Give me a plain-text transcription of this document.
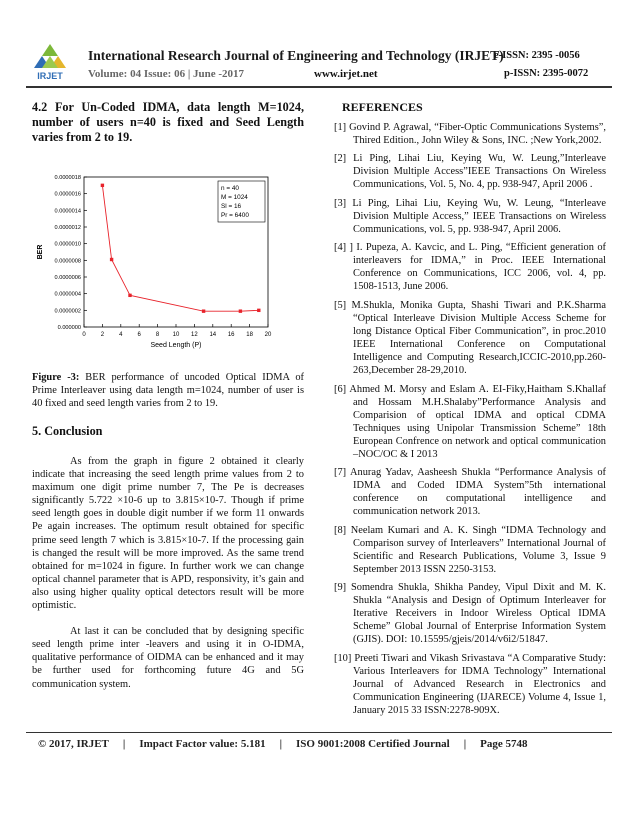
IRJET
International Research Journal of Engineering and Technology (IRJET)
e-ISSN: 2395 -0056
Volume: 04 Issue: 06 | June -2017	www.irjet.net	p-ISSN: 2395-0072
4.2 For Un-Coded IDMA, data length M=1024, number of users n=40 is fixed and Seed Length varies from 2 to 19.
0	2	4	6	8 10 12 14 16 18 20
0.000000
0.0000002
0.0000004
0.0000006
0.0000008
0.0000010
0.0000012
0.0000014
0.0000016
0.0000018
Seed Length (P)
BER
n = 40
M = 1024
Sl = 16
Pr = 6400
Figure -3: BER performance of uncoded Optical IDMA of Prime Interleaver using data length m=1024, number of user is 40 fixed and seed length varies from 2 to 19.
5. Conclusion
As from the graph in figure 2 obtained it clearly indicate that increasing the seed length prime values from 2 to maximum one digit prime number 7, The Pe is decreases significantly 5.722 ×10-6 up to 3.815×10-7. Though if prime seed length goes in double digit number if we form 11 onwards Pe again increases. The optimum result obtained for specific prime seed length 7 which is 3.815×10-7. If the processing gain is changed the result will be more improved. As the same trend obtained for m=1024 in figure. In further work we can change optical channel parameter that is APD, responsivity, it’s gain and also using higher quality optical detectors result will be more optimistic.
At last it can be concluded that by designing specific seed length prime inter -leavers and using it in O-IDMA, qualitative performance of OIDMA can be enhanced and it may be further used for forthcoming future 4G and 5G communication system.
REFERENCES
[1] Govind P. Agrawal, “Fiber-Optic Communications Systems”, Thired Edition., John Wiley & Sons, INC. ;New York,2002.
[2] Li Ping, Lihai Liu, Keying Wu, W. Leung,”Interleave Division Multiple Access”IEEE Transactions On Wireless Communications, Vol. 5, No. 4, pp. 938-947, April 2006 .
[3] Li Ping, Lihai Liu, Keying Wu, W. Leung, “Interleave Division Multiple Access,” IEEE Transactions on Wireless Communications, vol. 5, pp. 938-947, April 2006.
[4] ] I. Pupeza, A. Kavcic, and L. Ping, “Efficient generation of interleavers for IDMA,” in Proc. IEEE International Conference on Communications, ICC 2006, vol. 4, pp. 1508-1513, June 2006.
[5] M.Shukla, Monika Gupta, Shashi Tiwari and P.K.Sharma “Optical Interleave Division Multiple Access Scheme for long Distance Optical Fiber Communication”, in proc.2010 IEEE International Conference on Computational Intelligence and Computing Research,ICCIC-2010,pp.260-263,December 28-29,2010.
[6] Ahmed M. Morsy and Eslam A. EI-Fiky,Haitham S.Khallaf and Hossam M.H.Shalaby”Performance Analysis and Comparision of optical IDMA and optical CDMA Techniques using Unipolar Transmission Scheme” 18th European Confrence on network and optical communication –NOC/OC & I 2013
[7] Anurag Yadav, Aasheesh Shukla “Performance Analysis of IDMA and Coded IDMA System”5th international conference on computational intelligence and communication network 2013.
[8] Neelam Kumari and A. K. Singh “IDMA Technology and Comparison survey of Interleavers” International Journal of Scientific and Research Publications, Volume 3, Issue 9 September 2013 ISSN 2250-3153.
[9] Somendra Shukla, Shikha Pandey, Vipul Dixit and M. K. Shukla “Analysis and Design of Optimum Interleaver for Iterative Receivers in Indoor Wireless Optical IDMA Scheme” Global Journal of Enterprise Information System (GJIS). DOI: 10.15595/gjeis/2014/v6i2/51847.
[10] Preeti Tiwari and Vikash Srivastava “A Comparative Study: Various Interleavers for IDMA Technology” International Journal of Advanced Research in Electronics and Communication Engineering (IJARECE) Volume 4, Issue 1, January 2015 33 ISSN:2278-909X.
© 2017, IRJET | Impact Factor value: 5.181 | ISO 9001:2008 Certified Journal | Page 5748
